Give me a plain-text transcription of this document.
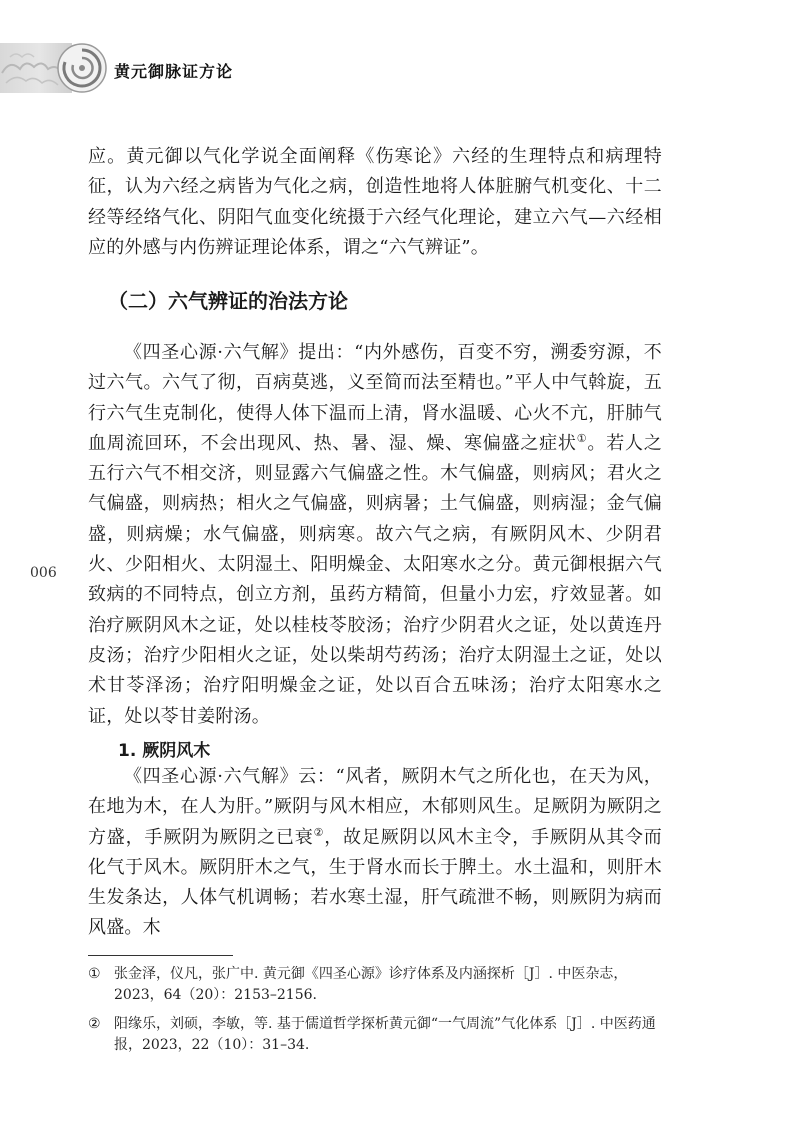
黄元御脉证方论

应。黄元御以气化学说全面阐释《伤寒论》六经的生理特点和病理特征，认为六经之病皆为气化之病，创造性地将人体脏腑气机变化、十二经等经络气化、阴阳气血变化统摄于六经气化理论，建立六气—六经相应的外感与内伤辨证理论体系，谓之“六气辨证”。

（二）六气辨证的治法方论

《四圣心源·六气解》提出：“内外感伤，百变不穷，溯委穷源，不过六气。六气了彻，百病莫逃，义至简而法至精也。”平人中气斡旋，五行六气生克制化，使得人体下温而上清，肾水温暖、心火不亢，肝肺气血周流回环，不会出现风、热、暑、湿、燥、寒偏盛之症状①。若人之五行六气不相交济，则显露六气偏盛之性。木气偏盛，则病风；君火之气偏盛，则病热；相火之气偏盛，则病暑；土气偏盛，则病湿；金气偏盛，则病燥；水气偏盛，则病寒。故六气之病，有厥阴风木、少阴君火、少阳相火、太阴湿土、阳明燥金、太阳寒水之分。黄元御根据六气致病的不同特点，创立方剂，虽药方精简，但量小力宏，疗效显著。如治疗厥阴风木之证，处以桂枝苓胶汤；治疗少阴君火之证，处以黄连丹皮汤；治疗少阳相火之证，处以柴胡芍药汤；治疗太阴湿土之证，处以术甘苓泽汤；治疗阳明燥金之证，处以百合五味汤；治疗太阳寒水之证，处以苓甘姜附汤。

1. 厥阴风木

《四圣心源·六气解》云：“风者，厥阴木气之所化也，在天为风，在地为木，在人为肝。”厥阴与风木相应，木郁则风生。足厥阴为厥阴之方盛，手厥阴为厥阴之已衰②，故足厥阴以风木主令，手厥阴从其令而化气于风木。厥阴肝木之气，生于肾水而长于脾土。水土温和，则肝木生发条达，人体气机调畅；若水寒土湿，肝气疏泄不畅，则厥阴为病而风盛。木

006
① 张金泽，仪凡，张广中. 黄元御《四圣心源》诊疗体系及内涵探析［J］. 中医杂志，2023，64（20）：2153–2156.
② 阳缘乐，刘硕，李敏，等. 基于儒道哲学探析黄元御“一气周流”气化体系［J］. 中医药通报，2023，22（10）：31–34.
